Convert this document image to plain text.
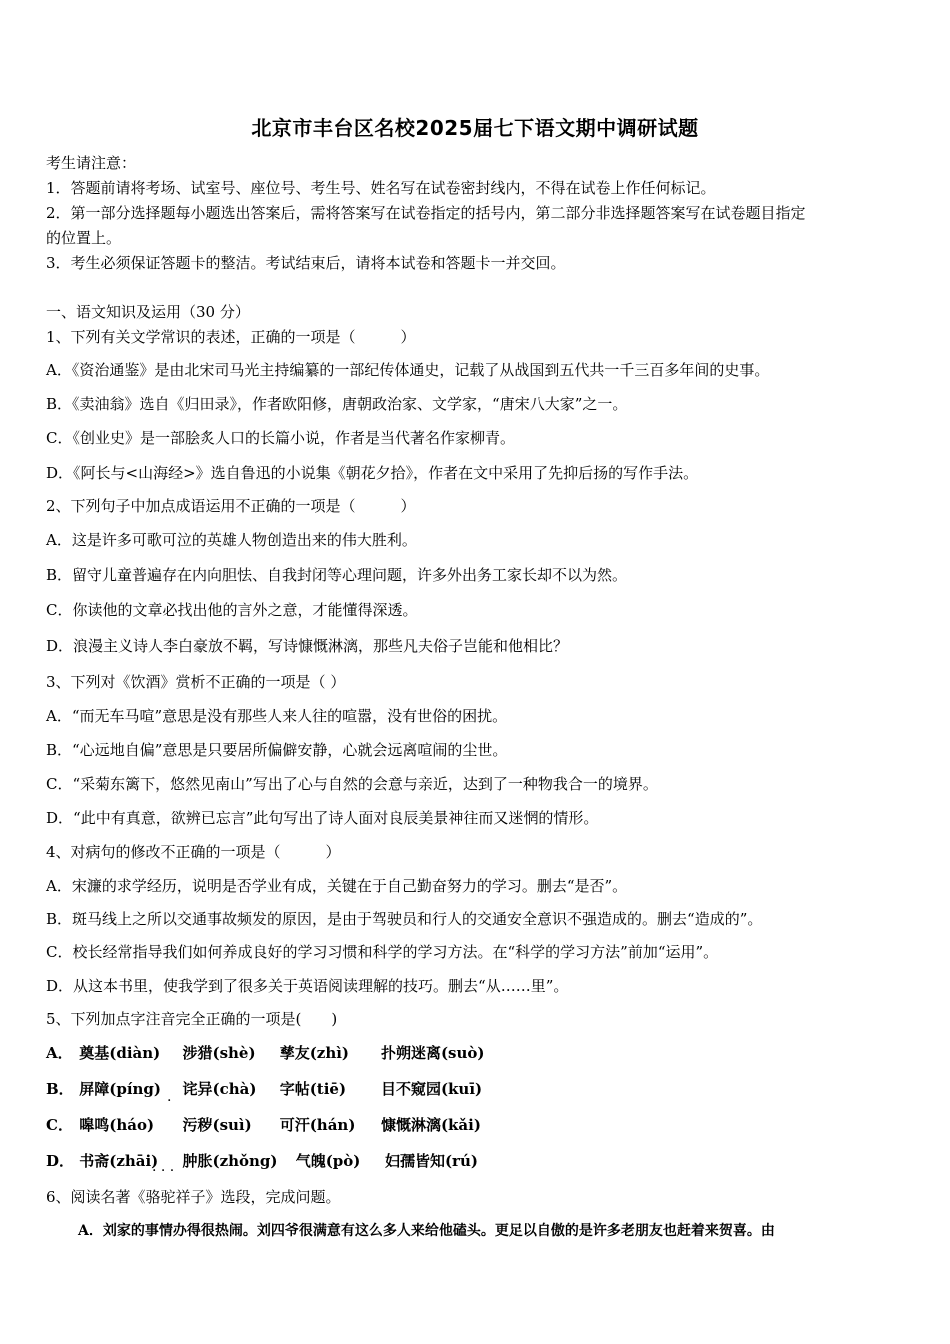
北京市丰台区名校2025届七下语文期中调研试题
考生请注意：
1．答题前请将考场、试室号、座位号、考生号、姓名写在试卷密封线内，不得在试卷上作任何标记。
2．第一部分选择题每小题选出答案后，需将答案写在试卷指定的括号内，第二部分非选择题答案写在试卷题目指定
的位置上。
3．考生必须保证答题卡的整洁。考试结束后，请将本试卷和答题卡一并交回。
一、语文知识及运用（30 分）
1、下列有关文学常识的表述，正确的一项是（　　　）
A．《资治通鉴》是由北宋司马光主持编纂的一部纪传体通史，记载了从战国到五代共一千三百多年间的史事。
B．《卖油翁》选自《归田录》，作者欧阳修，唐朝政治家、文学家，“唐宋八大家”之一。
C．《创业史》是一部脍炙人口的长篇小说，作者是当代著名作家柳青。
D．《阿长与<山海经>》选自鲁迅的小说集《朝花夕拾》，作者在文中采用了先抑后扬的写作手法。
2、下列句子中加点成语运用不正确的一项是（　　　）
A．这是许多可歌可泣的英雄人物创造出来的伟大胜利。
B．留守儿童普遍存在内向胆怯、自我封闭等心理问题，许多外出务工家长却不以为然。
C．你读他的文章必找出他的言外之意，才能懂得深透。
D．浪漫主义诗人李白豪放不羁，写诗慷慨淋漓，那些凡夫俗子岂能和他相比？
3、下列对《饮酒》赏析不正确的一项是（ ）
A．“而无车马喧”意思是没有那些人来人往的喧嚣，没有世俗的困扰。
B．“心远地自偏”意思是只要居所偏僻安静，心就会远离喧闹的尘世。
C．“采菊东篱下，悠然见南山”写出了心与自然的会意与亲近，达到了一种物我合一的境界。
D．“此中有真意，欲辨已忘言”此句写出了诗人面对良辰美景神往而又迷惘的情形。
4、对病句的修改不正确的一项是（　　　）
A．宋濂的求学经历，说明是否学业有成，关键在于自己勤奋努力的学习。删去“是否”。
B．斑马线上之所以交通事故频发的原因，是由于驾驶员和行人的交通安全意识不强造成的。删去“造成的”。
C．校长经常指导我们如何养成良好的学习习惯和科学的学习方法。在“科学的学习方法”前加“运用”。
D．从这本书里，使我学到了很多关于英语阅读理解的技巧。删去“从……里”。
5、下列加点字注音完全正确的一项是(　　)
A． 奠基(diàn) 涉猎(shè) 孳友(zhì) 扑朔迷离(suò)
B． 屏障(píng) 诧异(chà) 字帖(tiē) 目不窥园(kuī)
C． 嗥鸣(háo) 污秽(suì) 可汗(hán) 慷慨淋漓(kǎi)
D． 书斋(zhāi) 肿胀(zhǒng) 气魄(pò) 妇孺皆知(rú)
.
. . .
6、阅读名著《骆驼祥子》选段，完成问题。
A．刘家的事情办得很热闹。刘四爷很满意有这么多人来给他磕头。更足以自傲的是许多老朋友也赶着来贺喜。由
